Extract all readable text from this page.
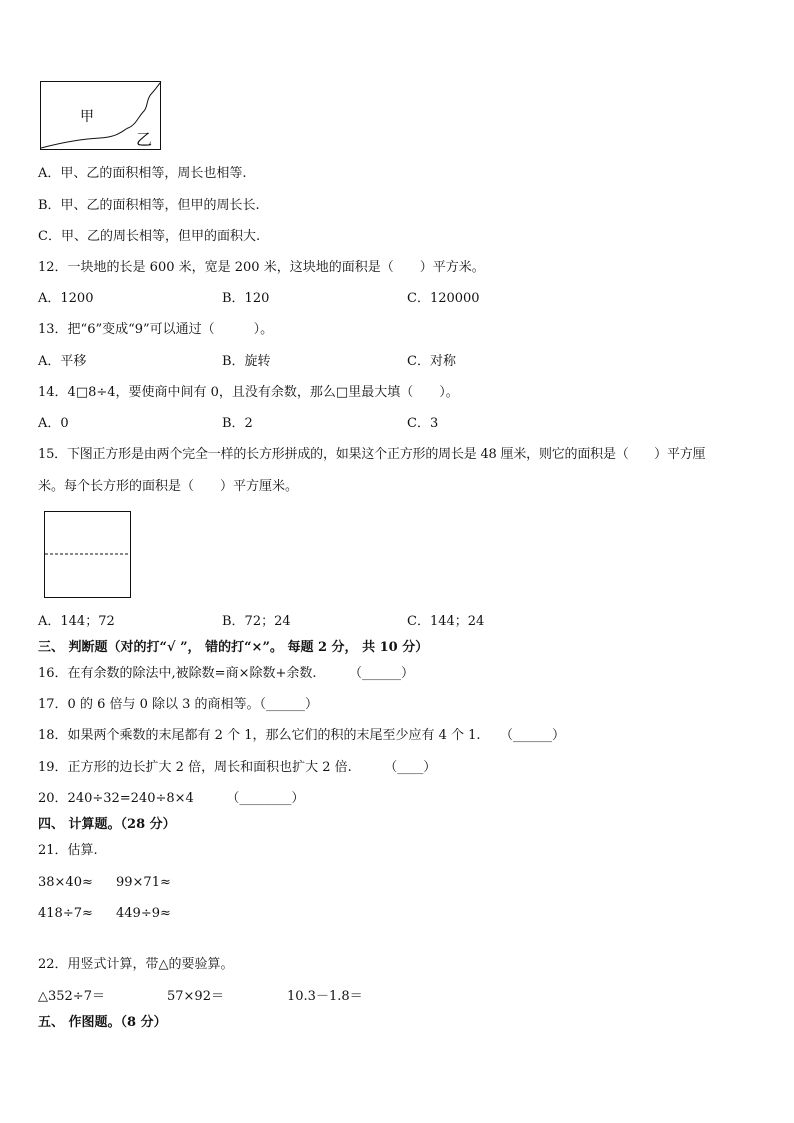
甲
乙
A．甲、乙的面积相等，周长也相等.
B．甲、乙的面积相等，但甲的周长长.
C．甲、乙的周长相等，但甲的面积大.
12．一块地的长是 600 米，宽是 200 米，这块地的面积是（　　）平方米。
A．1200	B．120	C．120000
13．把“6”变成“9”可以通过（　　　）。
A．平移	B．旋转	C．对称
14．4□8÷4，要使商中间有 0，且没有余数，那么□里最大填（　　）。
A．0	B．2	C．3
15．下图正方形是由两个完全一样的长方形拼成的，如果这个正方形的周长是 48 厘米，则它的面积是（　　）平方厘
米。每个长方形的面积是（　　）平方厘米。
A．144；72	B．72；24	C．144；24
三、 判断题（对的打“√ ”， 错的打“×”。 每题 2 分， 共 10 分）
16．在有余数的除法中,被除数=商×除数+余数.　　　（______）
17．0 的 6 倍与 0 除以 3 的商相等。（______）
18．如果两个乘数的末尾都有 2 个 1，那么它们的积的末尾至少应有 4 个 1.　　（______）
19．正方形的边长扩大 2 倍，周长和面积也扩大 2 倍.　　　（____）
20．240÷32=240÷8×4　　　（________）
四、 计算题。（28 分）
21．估算.
38×40≈ 99×71≈
418÷7≈ 449÷9≈
22．用竖式计算，带△的要验算。
△352÷7＝	57×92＝	10.3－1.8＝
五、 作图题。（8 分）
